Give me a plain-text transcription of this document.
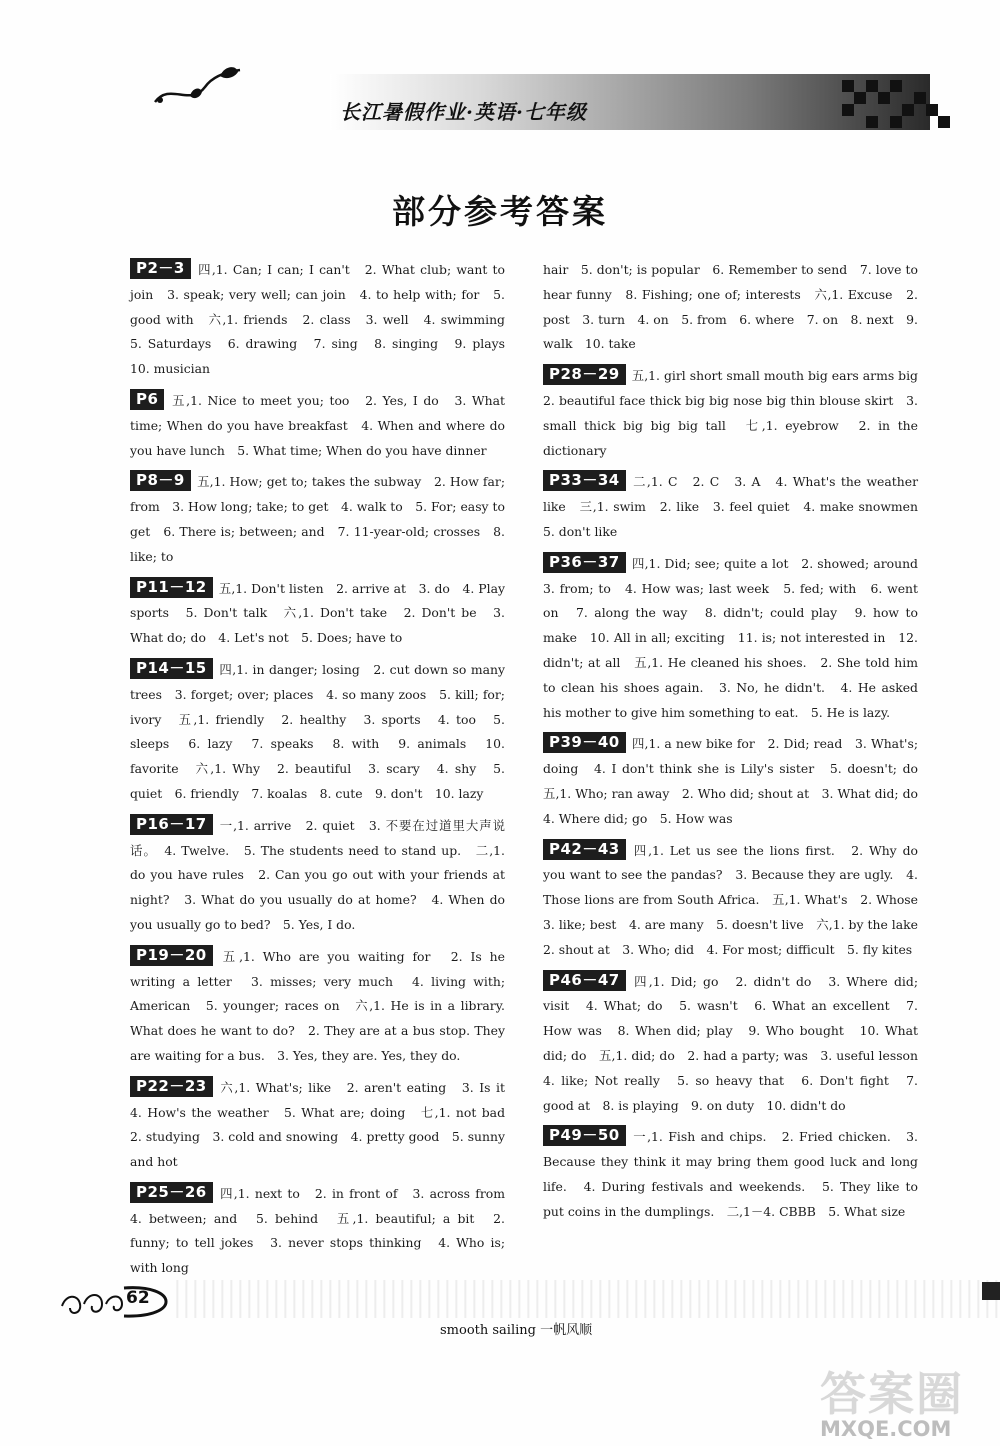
长江暑假作业·英语·七年级
部分参考答案
P2－3 四,1. Can; I can; I can't　2. What club; want to join　3. speak; very well; can join　4. to help with; for　5. good with　六,1. friends　2. class　3. well　4. swimming　5. Saturdays　6. drawing　7. sing　8. singing　9. plays　10. musician
P6 五,1. Nice to meet you; too　2. Yes, I do　3. What time; When do you have breakfast　4. When and where do you have lunch　5. What time; When do you have dinner
P8－9 五,1. How; get to; takes the subway　2. How far; from　3. How long; take; to get　4. walk to　5. For; easy to get　6. There is; between; and　7. 11-year-old; crosses　8. like; to
P11－12 五,1. Don't listen　2. arrive at　3. do　4. Play sports　5. Don't talk　六,1. Don't take　2. Don't be　3. What do; do　4. Let's not　5. Does; have to
P14－15 四,1. in danger; losing　2. cut down so many trees　3. forget; over; places　4. so many zoos　5. kill; for; ivory　五,1. friendly　2. healthy　3. sports　4. too　5. sleeps　6. lazy　7. speaks　8. with　9. animals　10. favorite　六,1. Why　2. beautiful　3. scary　4. shy　5. quiet　6. friendly　7. koalas　8. cute　9. don't　10. lazy
P16－17 一,1. arrive　2. quiet　3. 不要在过道里大声说话。　4. Twelve.　5. The students need to stand up.　二,1. do you have rules　2. Can you go out with your friends at night?　3. What do you usually do at home?　4. When do you usually go to bed?　5. Yes, I do.
P19－20 五,1. Who are you waiting for　2. Is he writing a letter　3. misses; very much　4. living with; American　5. younger; races on　六,1. He is in a library. What does he want to do?　2. They are at a bus stop. They are waiting for a bus.　3. Yes, they are. Yes, they do.
P22－23 六,1. What's; like　2. aren't eating　3. Is it　4. How's the weather　5. What are; doing　七,1. not bad　2. studying　3. cold and snowing　4. pretty good　5. sunny and hot
P25－26 四,1. next to　2. in front of　3. across from　4. between; and　5. behind　五,1. beautiful; a bit　2. funny; to tell jokes　3. never stops thinking　4. Who is; with long
hair　5. don't; is popular　6. Remember to send　7. love to hear funny　8. Fishing; one of; interests　六,1. Excuse　2. post　3. turn　4. on　5. from　6. where　7. on　8. next　9. walk　10. take
P28－29 五,1. girl short small mouth big ears arms big　2. beautiful face thick big big nose big thin blouse skirt　3. small thick big big big tall　七,1. eyebrow　2. in the dictionary
P33－34 二,1. C　2. C　3. A　4. What's the weather like　三,1. swim　2. like　3. feel quiet　4. make snowmen　5. don't like
P36－37 四,1. Did; see; quite a lot　2. showed; around　3. from; to　4. How was; last week　5. fed; with　6. went on　7. along the way　8. didn't; could play　9. how to make　10. All in all; exciting　11. is; not interested in　12. didn't; at all　五,1. He cleaned his shoes.　2. She told him to clean his shoes again.　3. No, he didn't.　4. He asked his mother to give him something to eat.　5. He is lazy.
P39－40 四,1. a new bike for　2. Did; read　3. What's; doing　4. I don't think she is Lily's sister　5. doesn't; do　五,1. Who; ran away　2. Who did; shout at　3. What did; do　4. Where did; go　5. How was
P42－43 四,1. Let us see the lions first.　2. Why do you want to see the pandas?　3. Because they are ugly.　4. Those lions are from South Africa.　五,1. What's　2. Whose　3. like; best　4. are many　5. doesn't live　六,1. by the lake　2. shout at　3. Who; did　4. For most; difficult　5. fly kites
P46－47 四,1. Did; go　2. didn't do　3. Where did; visit　4. What; do　5. wasn't　6. What an excellent　7. How was　8. When did; play　9. Who bought　10. What did; do　五,1. did; do　2. had a party; was　3. useful lesson　4. like; Not really　5. so heavy that　6. Don't fight　7. good at　8. is playing　9. on duty　10. didn't do
P49－50 一,1. Fish and chips.　2. Fried chicken.　3. Because they think it may bring them good luck and long life.　4. During festivals and weekends.　5. They like to put coins in the dumplings.　二,1－4. CBBB　5. What size
62
smooth sailing 一帆风顺
答案圈
MXQE.COM
